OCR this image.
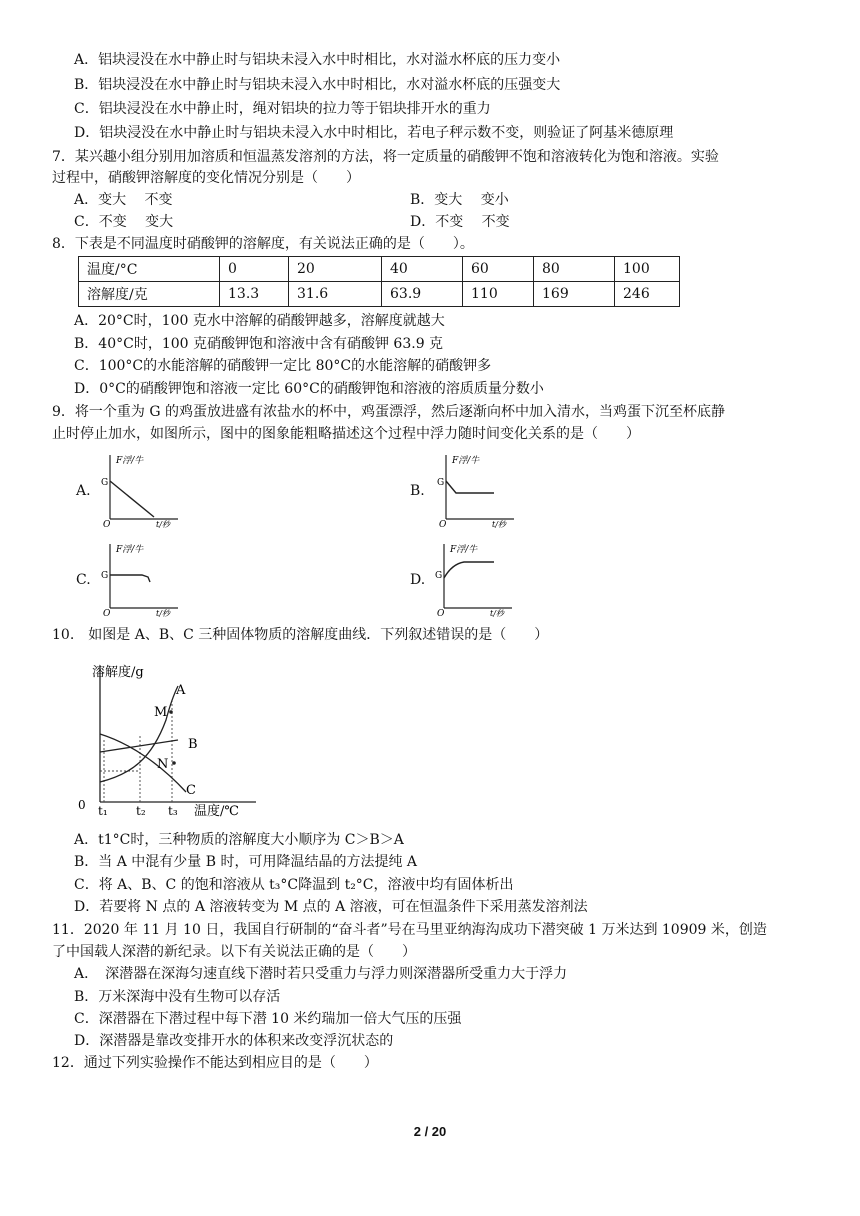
A．铝块浸没在水中静止时与铝块未浸入水中时相比，水对溢水杯底的压力变小
B．铝块浸没在水中静止时与铝块未浸入水中时相比，水对溢水杯底的压强变大
C．铝块浸没在水中静止时，绳对铝块的拉力等于铝块排开水的重力
D．铝块浸没在水中静止时与铝块未浸入水中时相比，若电子秤示数不变，则验证了阿基米德原理
7．某兴趣小组分别用加溶质和恒温蒸发溶剂的方法，将一定质量的硝酸钾不饱和溶液转化为饱和溶液。实验
过程中，硝酸钾溶解度的变化情况分别是（　　）
A．变大　 不变	B．变大　 变小
C．不变　 变大	D．不变　 不变
8．下表是不同温度时硝酸钾的溶解度，有关说法正确的是（　　）。
温度/°C	0	20	40	60	80	100
溶解度/克	13.3	31.6	63.9	110	169	246
A．20°C时，100 克水中溶解的硝酸钾越多，溶解度就越大
B．40°C时，100 克硝酸钾饱和溶液中含有硝酸钾 63.9 克
C．100°C的水能溶解的硝酸钾一定比 80°C的水能溶解的硝酸钾多
D．0°C的硝酸钾饱和溶液一定比 60°C的硝酸钾饱和溶液的溶质质量分数小
9．将一个重为 G 的鸡蛋放进盛有浓盐水的杯中，鸡蛋漂浮，然后逐渐向杯中加入清水，当鸡蛋下沉至杯底静
止时停止加水，如图所示，图中的图象能粗略描述这个过程中浮力随时间变化关系的是（　　）
A.
F浮/牛
G
O	t/秒
B.
F浮/牛
G
O	t/秒
C.
F浮/牛
G
O	t/秒
D.
F浮/牛
G
O	t/秒
10.　如图是 A、B、C 三种固体物质的溶解度曲线．下列叙述错误的是（　　）
溶解度/g
温度/℃
0 t₁ t₂ t₃
A
B
C
M
N
A．t1°C时，三种物质的溶解度大小顺序为 C＞B＞A
B．当 A 中混有少量 B 时，可用降温结晶的方法提纯 A
C．将 A、B、C 的饱和溶液从 t₃°C降温到 t₂°C，溶液中均有固体析出
D．若要将 N 点的 A 溶液转变为 M 点的 A 溶液，可在恒温条件下采用蒸发溶剂法
11．2020 年 11 月 10 日，我国自行研制的“奋斗者”号在马里亚纳海沟成功下潜突破 1 万米达到 10909 米，创造
了中国载人深潜的新纪录。以下有关说法正确的是（　　）
A．　深潜器在深海匀速直线下潜时若只受重力与浮力则深潜器所受重力大于浮力
B．万米深海中没有生物可以存活
C．深潜器在下潜过程中每下潜 10 米约瑞加一倍大气压的压强
D．深潜器是靠改变排开水的体积来改变浮沉状态的
12．通过下列实验操作不能达到相应目的是（　　）
2 / 20
